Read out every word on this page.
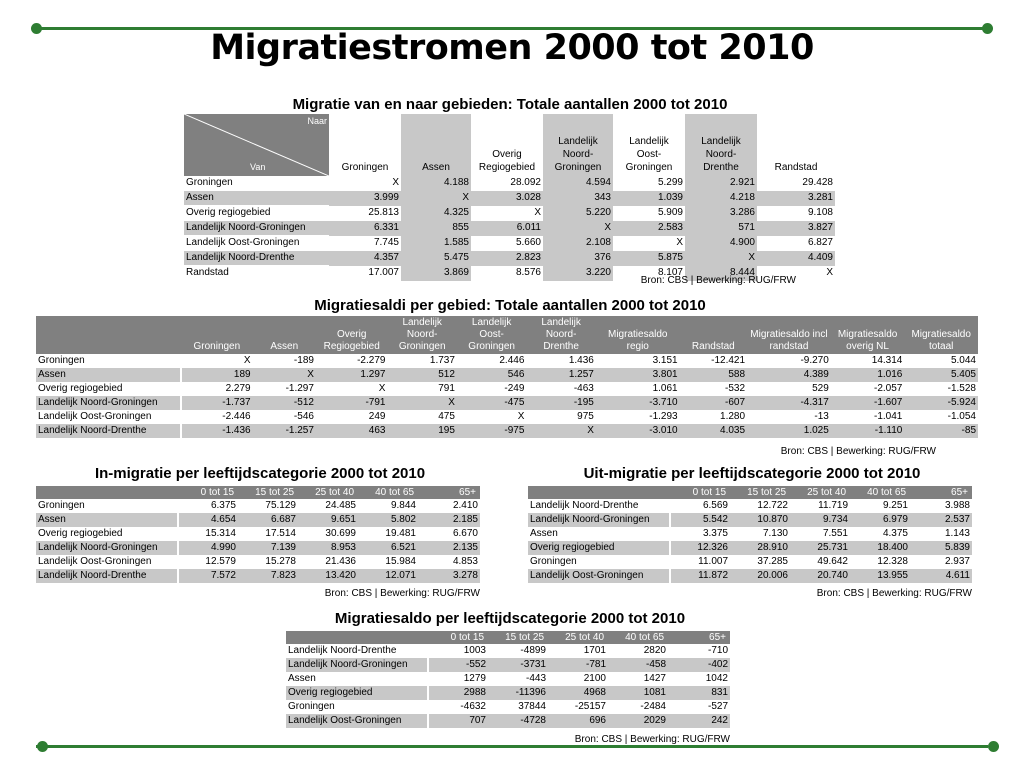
Migratiestromen 2000 tot 2010
Migratie van en naar gebieden: Totale aantallen 2000 tot 2010
Naar
Van	Groningen	Assen	Overig Regiogebied	Landelijk Noord-Groningen	Landelijk Oost-Groningen	Landelijk Noord-Drenthe	Randstad
Groningen	X	4.188	28.092	4.594	5.299	2.921	29.428
Assen	3.999	X	3.028	343	1.039	4.218	3.281
Overig regiogebied	25.813	4.325	X	5.220	5.909	3.286	9.108
Landelijk Noord-Groningen	6.331	855	6.011	X	2.583	571	3.827
Landelijk Oost-Groningen	7.745	1.585	5.660	2.108	X	4.900	6.827
Landelijk Noord-Drenthe	4.357	5.475	2.823	376	5.875	X	4.409
Randstad	17.007	3.869	8.576	3.220	8.107	8.444	X
Bron: CBS | Bewerking: RUG/FRW
Migratiesaldi per gebied: Totale aantallen 2000 tot 2010

	Groningen	Assen	Overig Regiogebied	Landelijk Noord-Groningen	Landelijk Oost-Groningen	Landelijk Noord-Drenthe	Migratiesaldo regio	Randstad	Migratiesaldo incl randstad	Migratiesaldo overig NL	Migratiesaldo totaal

Groningen	X	-189	-2.279	1.737	2.446	1.436	3.151	-12.421	-9.270	14.314	5.044
Assen	189	X	1.297	512	546	1.257	3.801	588	4.389	1.016	5.405
Overig regiogebied	2.279	-1.297	X	791	-249	-463	1.061	-532	529	-2.057	-1.528
Landelijk Noord-Groningen	-1.737	-512	-791	X	-475	-195	-3.710	-607	-4.317	-1.607	-5.924
Landelijk Oost-Groningen	-2.446	-546	249	475	X	975	-1.293	1.280	-13	-1.041	-1.054
Landelijk Noord-Drenthe	-1.436	-1.257	463	195	-975	X	-3.010	4.035	1.025	-1.110	-85
Bron: CBS | Bewerking: RUG/FRW
In-migratie per leeftijdscategorie 2000 tot 2010

	0 tot 15	15 tot 25	25 tot 40	40 tot 65	65+

Groningen	6.375	75.129	24.485	9.844	2.410
Assen	4.654	6.687	9.651	5.802	2.185
Overig regiogebied	15.314	17.514	30.699	19.481	6.670
Landelijk Noord-Groningen	4.990	7.139	8.953	6.521	2.135
Landelijk Oost-Groningen	12.579	15.278	21.436	15.984	4.853
Landelijk Noord-Drenthe	7.572	7.823	13.420	12.071	3.278
Bron: CBS | Bewerking: RUG/FRW
Uit-migratie per leeftijdscategorie 2000 tot 2010

	0 tot 15	15 tot 25	25 tot 40	40 tot 65	65+

Landelijk Noord-Drenthe	6.569	12.722	11.719	9.251	3.988
Landelijk Noord-Groningen	5.542	10.870	9.734	6.979	2.537
Assen	3.375	7.130	7.551	4.375	1.143
Overig regiogebied	12.326	28.910	25.731	18.400	5.839
Groningen	11.007	37.285	49.642	12.328	2.937
Landelijk Oost-Groningen	11.872	20.006	20.740	13.955	4.611
Bron: CBS | Bewerking: RUG/FRW
Migratiesaldo per leeftijdscategorie 2000 tot 2010

	0 tot 15	15 tot 25	25 tot 40	40 tot 65	65+

Landelijk Noord-Drenthe	1003	-4899	1701	2820	-710
Landelijk Noord-Groningen	-552	-3731	-781	-458	-402
Assen	1279	-443	2100	1427	1042
Overig regiogebied	2988	-11396	4968	1081	831
Groningen	-4632	37844	-25157	-2484	-527
Landelijk Oost-Groningen	707	-4728	696	2029	242
Bron: CBS | Bewerking: RUG/FRW
